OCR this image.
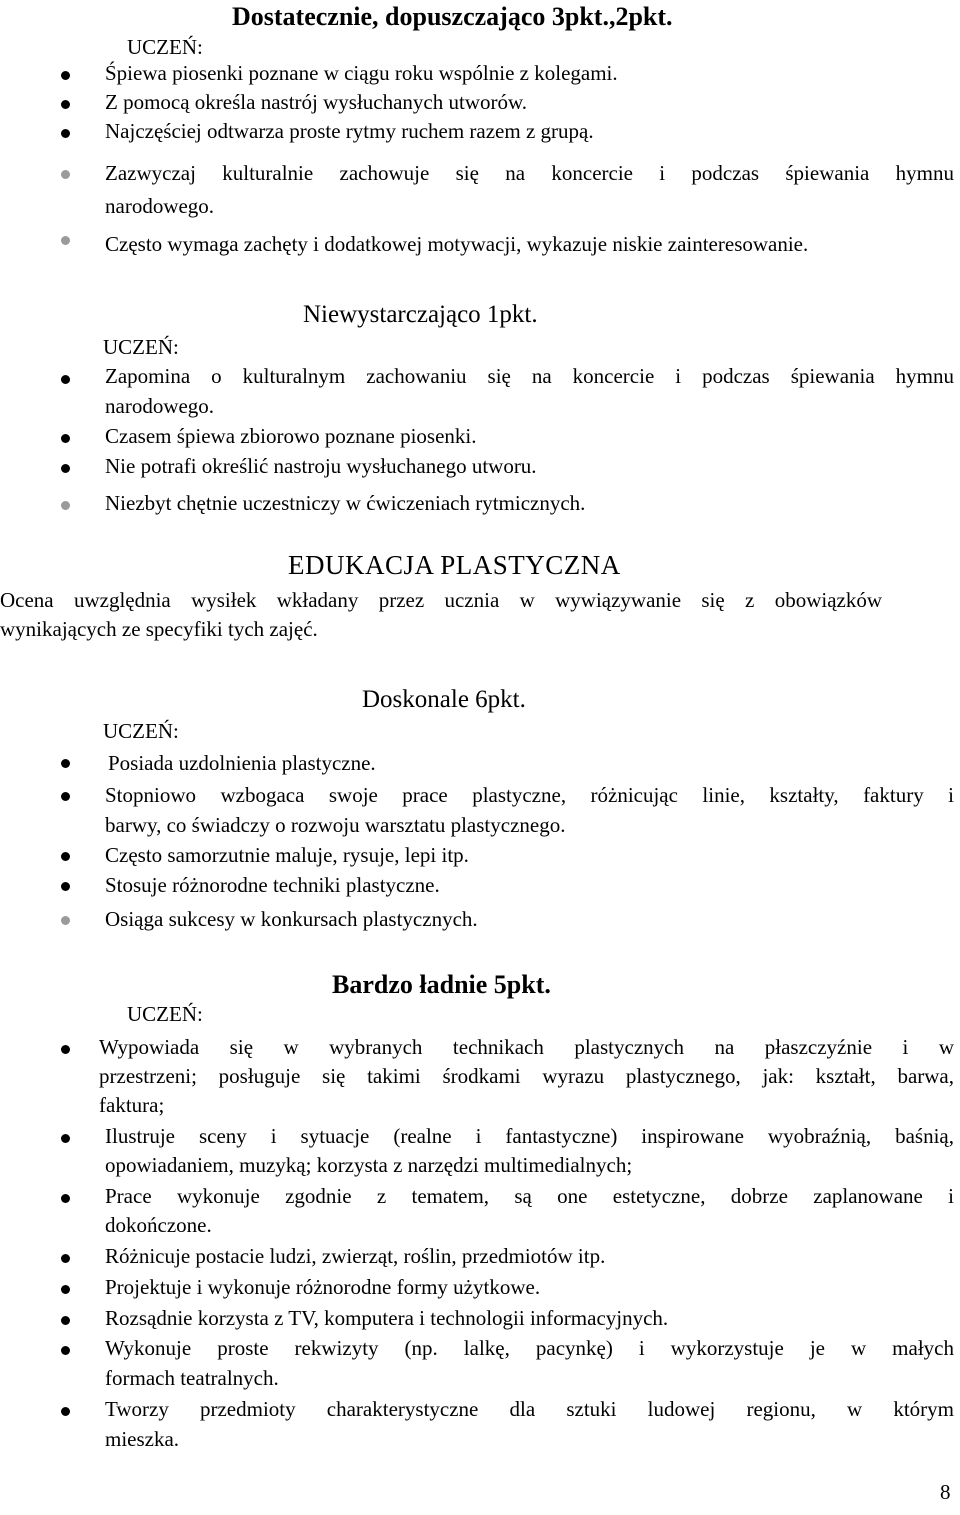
Dostatecznie, dopuszczająco 3pkt.,2pkt.
UCZEŃ:
Śpiewa piosenki poznane w ciągu roku wspólnie z kolegami.
Z pomocą określa nastrój wysłuchanych utworów.
Najczęściej odtwarza proste rytmy ruchem razem z grupą.
Zazwyczaj kulturalnie zachowuje się na koncercie i podczas śpiewania hymnu
narodowego.
Często wymaga zachęty i dodatkowej motywacji, wykazuje niskie zainteresowanie.
Niewystarczająco 1pkt.
UCZEŃ:
Zapomina o kulturalnym zachowaniu się na koncercie i podczas śpiewania hymnu
narodowego.
Czasem śpiewa zbiorowo poznane piosenki.
Nie potrafi określić nastroju wysłuchanego utworu.
Niezbyt chętnie uczestniczy w ćwiczeniach rytmicznych.
EDUKACJA PLASTYCZNA
Ocena uwzględnia wysiłek wkładany przez ucznia w wywiązywanie się z obowiązków
wynikających ze specyfiki tych zajęć.
Doskonale 6pkt.
UCZEŃ:
Posiada uzdolnienia plastyczne.
Stopniowo wzbogaca swoje prace plastyczne, różnicując linie, kształty, faktury i
barwy, co świadczy o rozwoju warsztatu plastycznego.
Często samorzutnie maluje, rysuje, lepi itp.
Stosuje różnorodne techniki plastyczne.
Osiąga sukcesy w konkursach plastycznych.
Bardzo ładnie 5pkt.
UCZEŃ:
Wypowiada się w wybranych technikach plastycznych na płaszczyźnie i w
przestrzeni; posługuje się takimi środkami wyrazu plastycznego, jak: kształt, barwa,
faktura;
Ilustruje sceny i sytuacje (realne i fantastyczne) inspirowane wyobraźnią, baśnią,
opowiadaniem, muzyką; korzysta z narzędzi multimedialnych;
Prace wykonuje zgodnie z tematem, są one estetyczne, dobrze zaplanowane i
dokończone.
Różnicuje postacie ludzi, zwierząt, roślin, przedmiotów itp.
Projektuje i wykonuje różnorodne formy użytkowe.
Rozsądnie korzysta z TV, komputera i technologii informacyjnych.
Wykonuje proste rekwizyty (np. lalkę, pacynkę) i wykorzystuje je w małych
formach teatralnych.
Tworzy przedmioty charakterystyczne dla sztuki ludowej regionu, w którym
mieszka.
8
